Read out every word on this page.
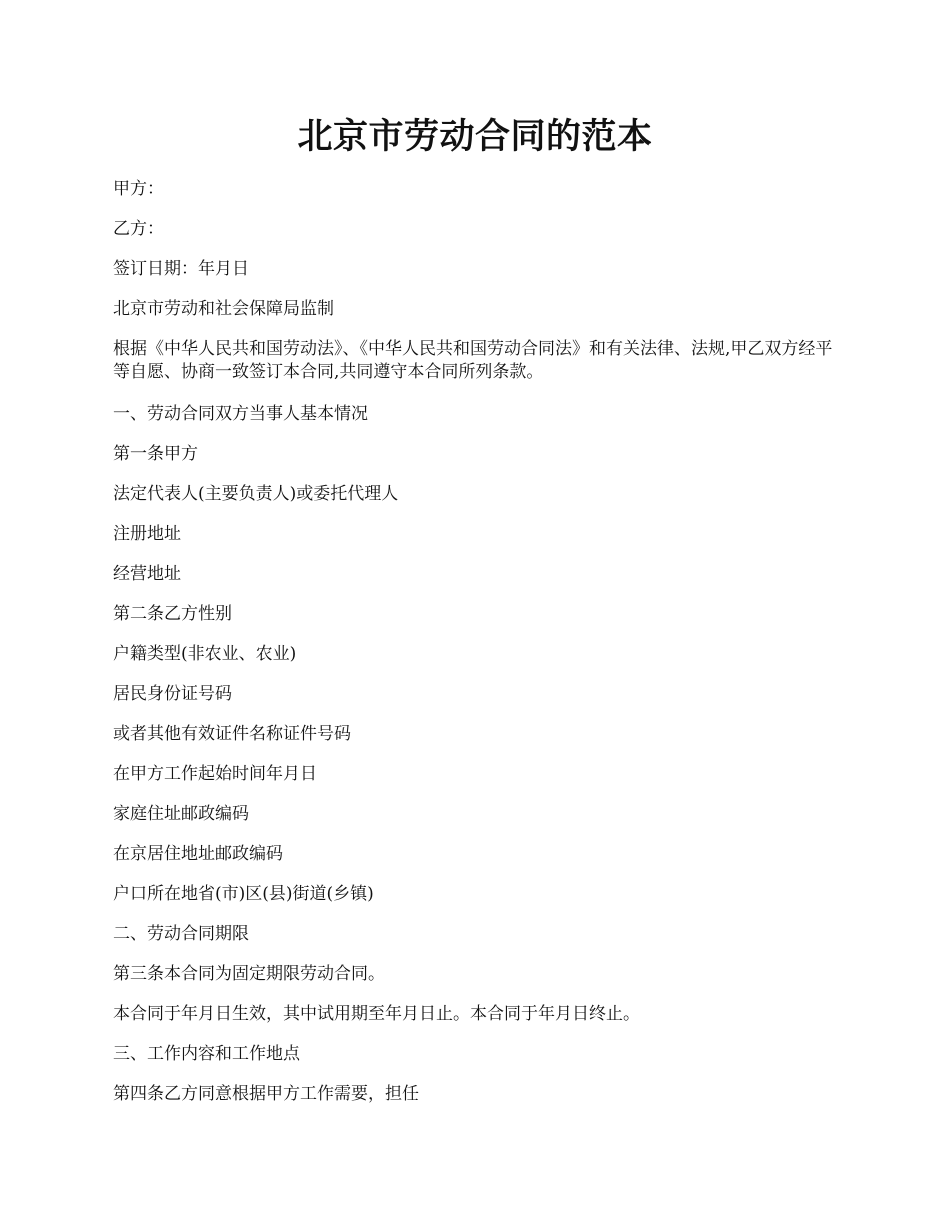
北京市劳动合同的范本

甲方：

乙方：

签订日期：年月日

北京市劳动和社会保障局监制

根据《中华人民共和国劳动法》、《中华人民共和国劳动合同法》和有关法律、法规,甲乙双方经平等自愿、协商一致签订本合同,共同遵守本合同所列条款。

一、劳动合同双方当事人基本情况

第一条甲方

法定代表人(主要负责人)或委托代理人

注册地址

经营地址

第二条乙方性别

户籍类型(非农业、农业)

居民身份证号码

或者其他有效证件名称证件号码

在甲方工作起始时间年月日

家庭住址邮政编码

在京居住地址邮政编码

户口所在地省(市)区(县)街道(乡镇)

二、劳动合同期限

第三条本合同为固定期限劳动合同。

本合同于年月日生效，其中试用期至年月日止。本合同于年月日终止。

三、工作内容和工作地点

第四条乙方同意根据甲方工作需要，担任
